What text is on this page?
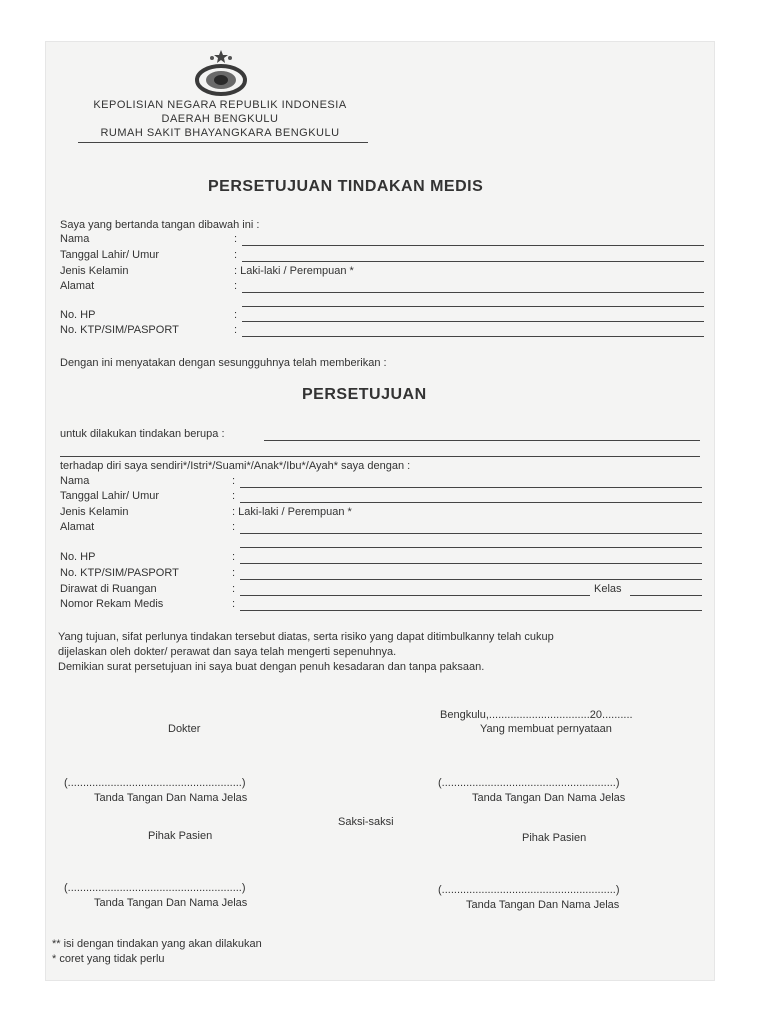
KEPOLISIAN NEGARA REPUBLIK INDONESIA
DAERAH BENGKULU
RUMAH SAKIT BHAYANGKARA BENGKULU
PERSETUJUAN TINDAKAN MEDIS
Saya yang bertanda tangan dibawah ini :
Nama	:
Tanggal Lahir/ Umur	:
Jenis Kelamin	: Laki-laki / Perempuan *
Alamat	:
No. HP	:
No. KTP/SIM/PASPORT	:
Dengan ini menyatakan dengan sesungguhnya telah memberikan :
PERSETUJUAN
untuk dilakukan tindakan berupa :
terhadap diri saya sendiri*/Istri*/Suami*/Anak*/Ibu*/Ayah* saya dengan :
Nama	:
Tanggal Lahir/ Umur	:
Jenis Kelamin	: Laki-laki / Perempuan *
Alamat	:
No. HP	:
No. KTP/SIM/PASPORT	:
Dirawat di Ruangan	:	Kelas
Nomor Rekam Medis	:
Yang tujuan, sifat perlunya tindakan tersebut diatas, serta risiko yang dapat ditimbulkanny telah cukup
dijelaskan oleh dokter/ perawat dan saya telah mengerti sepenuhnya.
Demikian surat persetujuan ini saya buat dengan penuh kesadaran dan tanpa paksaan.
Bengkulu,.................................20..........
Yang membuat pernyataan
Dokter
(.........................................................)	(.........................................................)
Tanda Tangan Dan Nama Jelas	Tanda Tangan Dan Nama Jelas
Saksi-saksi
Pihak Pasien	Pihak Pasien
(.........................................................)	(.........................................................)
Tanda Tangan Dan Nama Jelas	Tanda Tangan Dan Nama Jelas
** isi dengan tindakan yang akan dilakukan
* coret yang tidak perlu
